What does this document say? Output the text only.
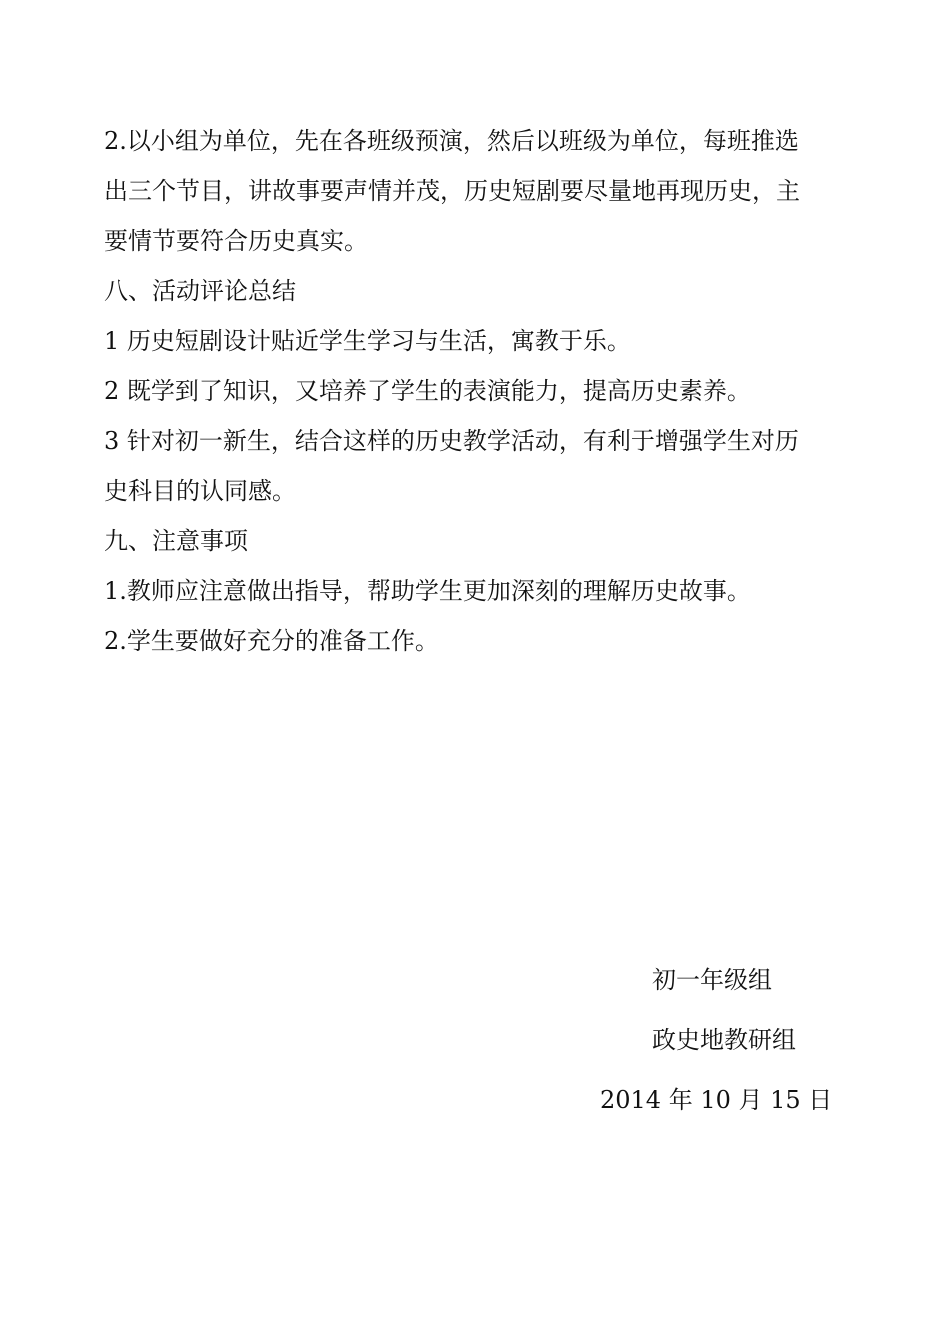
2.以小组为单位，先在各班级预演，然后以班级为单位，每班推选
出三个节目，讲故事要声情并茂，历史短剧要尽量地再现历史，主
要情节要符合历史真实。
八、活动评论总结
1 历史短剧设计贴近学生学习与生活，寓教于乐。
2 既学到了知识，又培养了学生的表演能力，提高历史素养。
3 针对初一新生，结合这样的历史教学活动，有利于增强学生对历
史科目的认同感。
九、注意事项
1.教师应注意做出指导，帮助学生更加深刻的理解历史故事。
2.学生要做好充分的准备工作。
初一年级组
政史地教研组
2014 年 10 月 15 日
